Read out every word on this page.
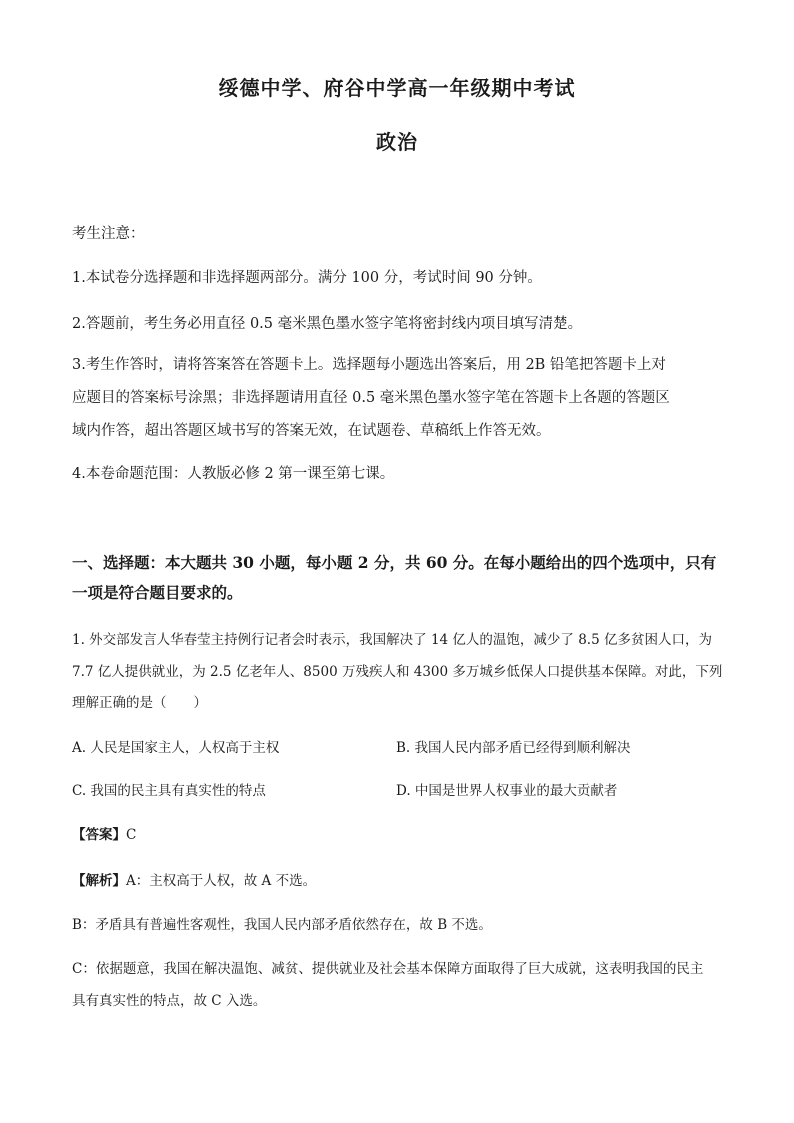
绥德中学、府谷中学高一年级期中考试
政治
考生注意：
1.本试卷分选择题和非选择题两部分。满分 100 分，考试时间 90 分钟。
2.答题前，考生务必用直径 0.5 毫米黑色墨水签字笔将密封线内项目填写清楚。
3.考生作答时，请将答案答在答题卡上。选择题每小题选出答案后，用 2B 铅笔把答题卡上对
应题目的答案标号涂黑；非选择题请用直径 0.5 毫米黑色墨水签字笔在答题卡上各题的答题区
域内作答，超出答题区域书写的答案无效，在试题卷、草稿纸上作答无效。
4.本卷命题范围：人教版必修 2 第一课至第七课。
一、选择题：本大题共 30 小题，每小题 2 分，共 60 分。在每小题给出的四个选项中，只有
一项是符合题目要求的。
1. 外交部发言人华春莹主持例行记者会时表示，我国解决了 14 亿人的温饱，减少了 8.5 亿多贫困人口，为
7.7 亿人提供就业，为 2.5 亿老年人、8500 万残疾人和 4300 多万城乡低保人口提供基本保障。对此，下列
理解正确的是（　　）
A. 人民是国家主人，人权高于主权	B. 我国人民内部矛盾已经得到顺利解决
C. 我国的民主具有真实性的特点	D. 中国是世界人权事业的最大贡献者
【答案】C
【解析】A：主权高于人权，故 A 不选。
B：矛盾具有普遍性客观性，我国人民内部矛盾依然存在，故 B 不选。
C：依据题意，我国在解决温饱、减贫、提供就业及社会基本保障方面取得了巨大成就，这表明我国的民主
具有真实性的特点，故 C 入选。
